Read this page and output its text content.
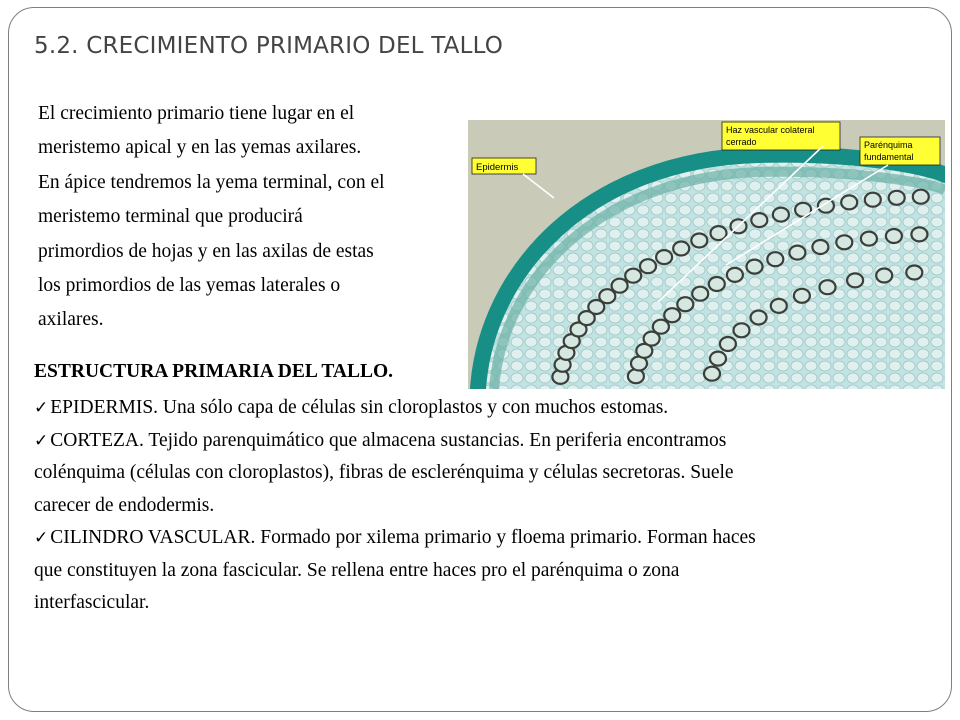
5.2. CRECIMIENTO PRIMARIO DEL TALLO

El crecimiento primario tiene lugar en el
meristemo apical y en las yemas axilares.
En ápice tendremos la yema terminal, con el
meristemo terminal que producirá
primordios de hojas y en las axilas de estas
los primordios de las yemas laterales o
axilares.

Epidermis
Haz vascular colateral
cerrado	Parénquima
fundamental
ESTRUCTURA PRIMARIA DEL TALLO.

✓ EPIDERMIS. Una sólo capa de células sin cloroplastos y con muchos estomas.

✓ CORTEZA. Tejido parenquimático que almacena sustancias. En periferia encontramos
colénquima (células con cloroplastos), fibras de esclerénquima y células secretoras. Suele
carecer de endodermis.

✓ CILINDRO VASCULAR. Formado por xilema primario y floema primario. Forman haces
que constituyen la zona fascicular. Se rellena entre haces pro el parénquima o zona
interfascicular.
